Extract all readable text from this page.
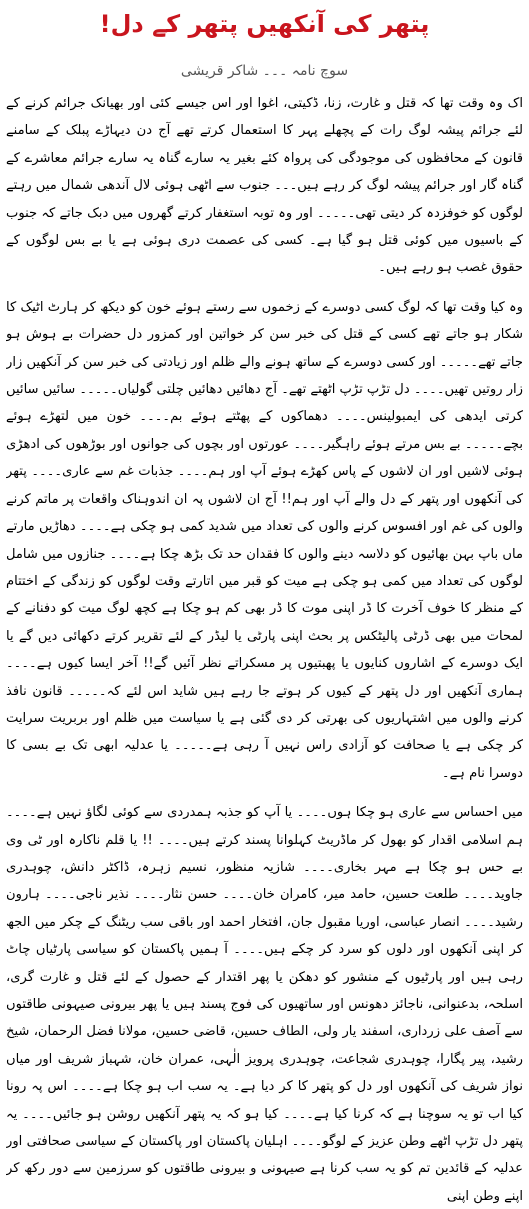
پتھر کی آنکھیں پتھر کے دل!
سوچ نامہ ۔۔۔ شاکر قریشی

اک وہ وقت تھا کہ قتل و غارت، زنا، ڈکیتی، اغوا اور اس جیسے کئی اور بھیانک جرائم کرنے کے لئے جرائم پیشہ لوگ رات کے پچھلے پہر کا استعمال کرتے تھے آج دن دیہاڑے پبلک کے سامنے قانون کے محافظوں کی موجودگی کی پرواہ کئے بغیر یہ سارے گناہ یہ سارے جرائم معاشرے کے گناہ گار اور جرائم پیشہ لوگ کر رہے ہیں۔۔۔ جنوب سے اٹھی ہوئی لال آندھی شمال میں رہتے لوگوں کو خوفزدہ کر دیتی تھی۔۔۔۔۔ اور وہ توبہ استغفار کرتے گھروں میں دبک جاتے کہ جنوب کے باسیوں میں کوئی قتل ہو گیا ہے۔ کسی کی عصمت دری ہوئی ہے یا بے بس لوگوں کے حقوق غصب ہو رہے ہیں۔

وہ کیا وقت تھا کہ لوگ کسی دوسرے کے زخموں سے رستے ہوئے خون کو دیکھ کر ہارٹ اٹیک کا شکار ہو جاتے تھے کسی کے قتل کی خبر سن کر خواتین اور کمزور دل حضرات بے ہوش ہو جاتے تھے۔۔۔۔۔ اور کسی دوسرے کے ساتھ ہونے والے ظلم اور زیادتی کی خبر سن کر آنکھیں زار زار روتیں تھیں۔۔۔۔ دل تڑپ تڑپ اٹھتے تھے۔ آج دھائیں دھائیں چلتی گولیاں۔۔۔۔۔ سائیں سائیں کرتی ایدھی کی ایمبولینس۔۔۔۔ دھماکوں کے پھٹتے ہوئے بم۔۔۔۔ خون میں لتھڑے ہوئے بچے۔۔۔۔۔ بے بس مرتے ہوئے راہگیر۔۔۔۔ عورتوں اور بچوں کی جوانوں اور بوڑھوں کی ادھڑی ہوئی لاشیں اور ان لاشوں کے پاس کھڑے ہوئے آپ اور ہم۔۔۔۔ جذبات غم سے عاری۔۔۔۔ پتھر کی آنکھوں اور پتھر کے دل والے آپ اور ہم!! آج ان لاشوں پہ ان اندوہناک واقعات پر ماتم کرنے والوں کی غم اور افسوس کرنے والوں کی تعداد میں شدید کمی ہو چکی ہے۔۔۔۔ دھاڑیں مارتے ماں باپ بہن بھائیوں کو دلاسہ دینے والوں کا فقدان حد تک بڑھ چکا ہے۔۔۔۔ جنازوں میں شامل لوگوں کی تعداد میں کمی ہو چکی ہے میت کو قبر میں اتارتے وقت لوگوں کو زندگی کے اختتام کے منظر کا خوف آخرت کا ڈر اپنی موت کا ڈر بھی کم ہو چکا ہے کچھ لوگ میت کو دفنانے کے لمحات میں بھی ڈرٹی پالیٹکس پر بحث اپنی پارٹی یا لیڈر کے لئے تقریر کرتے دکھائی دیں گے یا ایک دوسرے کے اشاروں کنایوں یا پھبتیوں پر مسکراتے نظر آئیں گے!! آخر ایسا کیوں ہے۔۔۔۔ ہماری آنکھیں اور دل پتھر کے کیوں کر ہوتے جا رہے ہیں شاید اس لئے کہ۔۔۔۔۔ قانون نافذ کرنے والوں میں اشتہاریوں کی بھرتی کر دی گئی ہے یا سیاست میں ظلم اور بربریت سرایت کر چکی ہے یا صحافت کو آزادی راس نہیں آ رہی ہے۔۔۔۔۔ یا عدلیہ ابھی تک بے بسی کا دوسرا نام ہے۔

میں احساس سے عاری ہو چکا ہوں۔۔۔۔ یا آپ کو جذبہ ہمدردی سے کوئی لگاؤ نہیں ہے۔۔۔۔ ہم اسلامی اقدار کو بھول کر ماڈریٹ کہلوانا پسند کرتے ہیں۔۔۔۔ !! یا قلم ناکارہ اور ٹی وی بے حس ہو چکا ہے مہر بخاری۔۔۔۔ شازیہ منظور، نسیم زہرہ، ڈاکٹر دانش، چوہدری جاوید۔۔۔۔ طلعت حسین، حامد میر، کامران خان۔۔۔۔ حسن نثار۔۔۔۔ نذیر ناجی۔۔۔۔ ہارون رشید۔۔۔۔ انصار عباسی، اوریا مقبول جان، افتخار احمد اور باقی سب ریٹنگ کے چکر میں الجھ کر اپنی آنکھوں اور دلوں کو سرد کر چکے ہیں۔۔۔۔ آ ہمیں پاکستان کو سیاسی پارٹیاں چاٹ رہی ہیں اور پارٹیوں کے منشور کو دھکن یا پھر اقتدار کے حصول کے لئے قتل و غارت گری، اسلحہ، بدعنوانی، ناجائز دھونس اور ساتھیوں کی فوج پسند ہیں یا پھر بیرونی صیہونی طاقتوں سے آصف علی زرداری، اسفند یار ولی، الطاف حسین، قاضی حسین، مولانا فضل الرحمان، شیخ رشید، پیر پگارا، چوہدری شجاعت، چوہدری پرویز الٰہی، عمران خان، شہباز شریف اور میاں نواز شریف کی آنکھوں اور دل کو پتھر کا کر دیا ہے۔ یہ سب اب ہو چکا ہے۔۔۔۔ اس پہ رونا کیا اب تو یہ سوچنا ہے کہ کرنا کیا ہے۔۔۔۔ کیا ہو کہ یہ پتھر آنکھیں روشن ہو جائیں۔۔۔۔ یہ پتھر دل تڑپ اٹھے وطن عزیز کے لوگو۔۔۔۔ اہلیان پاکستان اور پاکستان کے سیاسی صحافتی اور عدلیہ کے قائدین تم کو یہ سب کرنا ہے صیہونی و بیرونی طاقتوں کو سرزمین سے دور رکھ کر اپنے وطن اپنی
